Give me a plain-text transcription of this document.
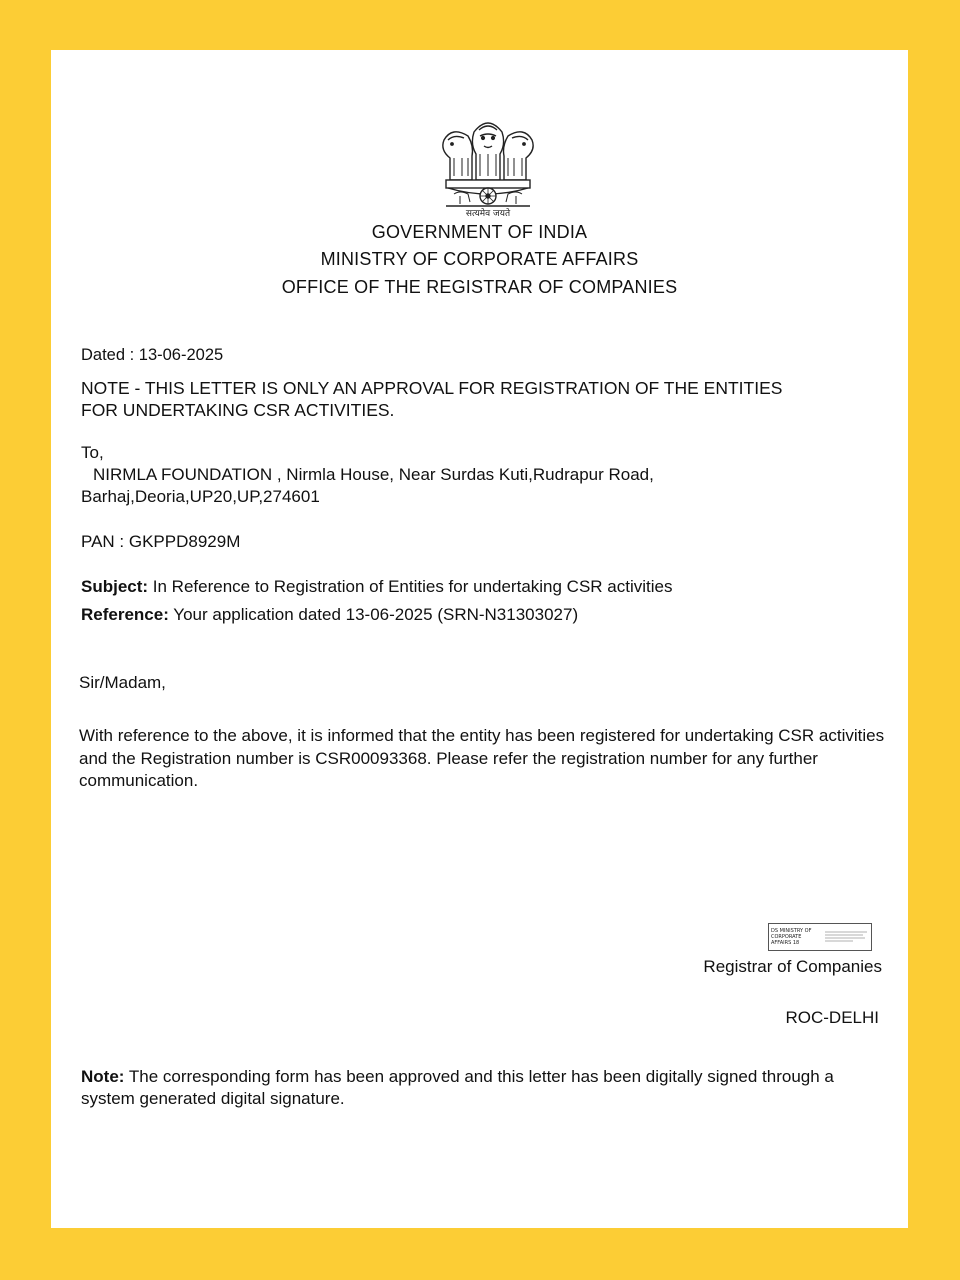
सत्यमेव जयते
GOVERNMENT OF INDIA
MINISTRY OF CORPORATE AFFAIRS
OFFICE OF THE REGISTRAR OF COMPANIES
Dated : 13-06-2025
NOTE - THIS LETTER IS ONLY AN APPROVAL FOR REGISTRATION OF THE ENTITIES FOR UNDERTAKING CSR ACTIVITIES.
To,
NIRMLA FOUNDATION , Nirmla House, Near Surdas Kuti,Rudrapur Road,
Barhaj,Deoria,UP20,UP,274601
PAN : GKPPD8929M
Subject: In Reference to Registration of Entities for undertaking CSR activities
Reference: Your application dated 13-06-2025 (SRN-N31303027)
Sir/Madam,
With reference to the above, it is informed that the entity has been registered for undertaking CSR activities and the Registration number is CSR00093368. Please refer the registration number for any further communication.
DS MINISTRY OF CORPORATE AFFAIRS 18
Registrar of Companies
ROC-DELHI
Note: The corresponding form has been approved and this letter has been digitally signed through a system generated digital signature.
